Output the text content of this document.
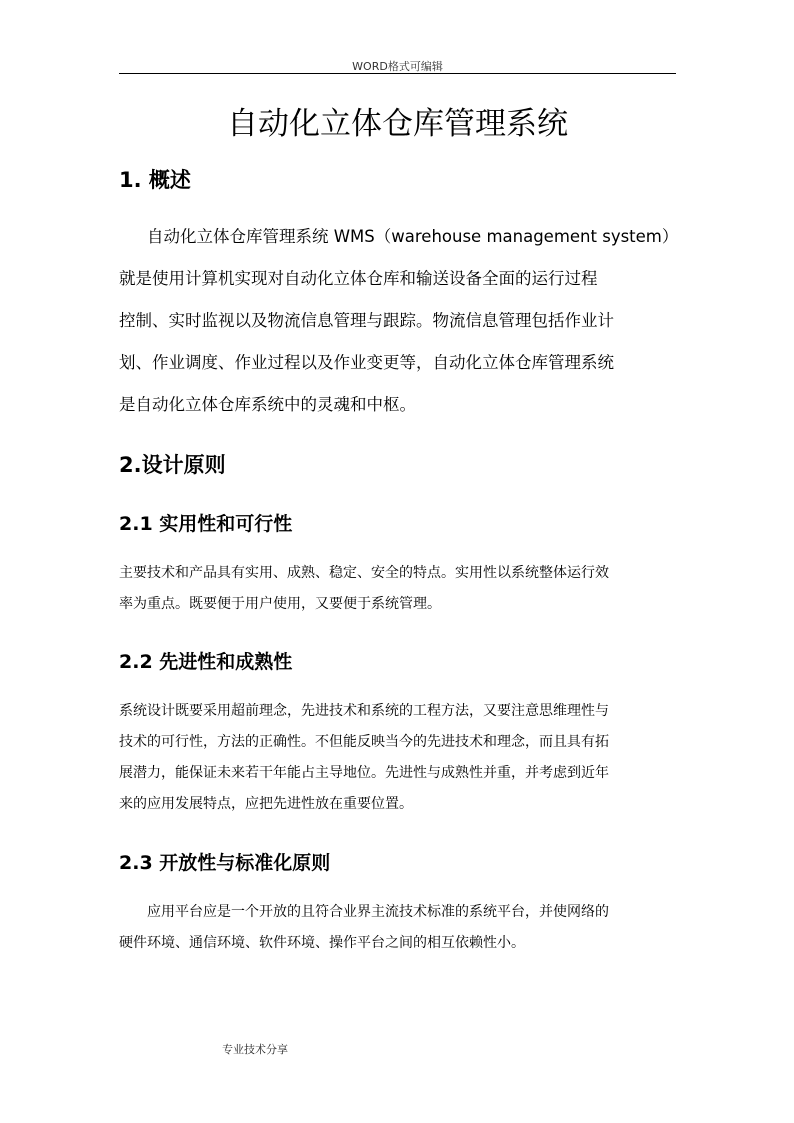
WORD格式可编辑
自动化立体仓库管理系统
1. 概述
自动化立体仓库管理系统 WMS（warehouse management system）
就是使用计算机实现对自动化立体仓库和输送设备全面的运行过程
控制、实时监视以及物流信息管理与跟踪。物流信息管理包括作业计
划、作业调度、作业过程以及作业变更等，自动化立体仓库管理系统
是自动化立体仓库系统中的灵魂和中枢。
2.设计原则
2.1 实用性和可行性
主要技术和产品具有实用、成熟、稳定、安全的特点。实用性以系统整体运行效
率为重点。既要便于用户使用，又要便于系统管理。
2.2 先进性和成熟性
系统设计既要采用超前理念，先进技术和系统的工程方法，又要注意思维理性与
技术的可行性，方法的正确性。不但能反映当今的先进技术和理念，而且具有拓
展潜力，能保证未来若干年能占主导地位。先进性与成熟性并重，并考虑到近年
来的应用发展特点，应把先进性放在重要位置。
2.3 开放性与标准化原则
应用平台应是一个开放的且符合业界主流技术标准的系统平台，并使网络的
硬件环境、通信环境、软件环境、操作平台之间的相互依赖性小。
专业技术分享
